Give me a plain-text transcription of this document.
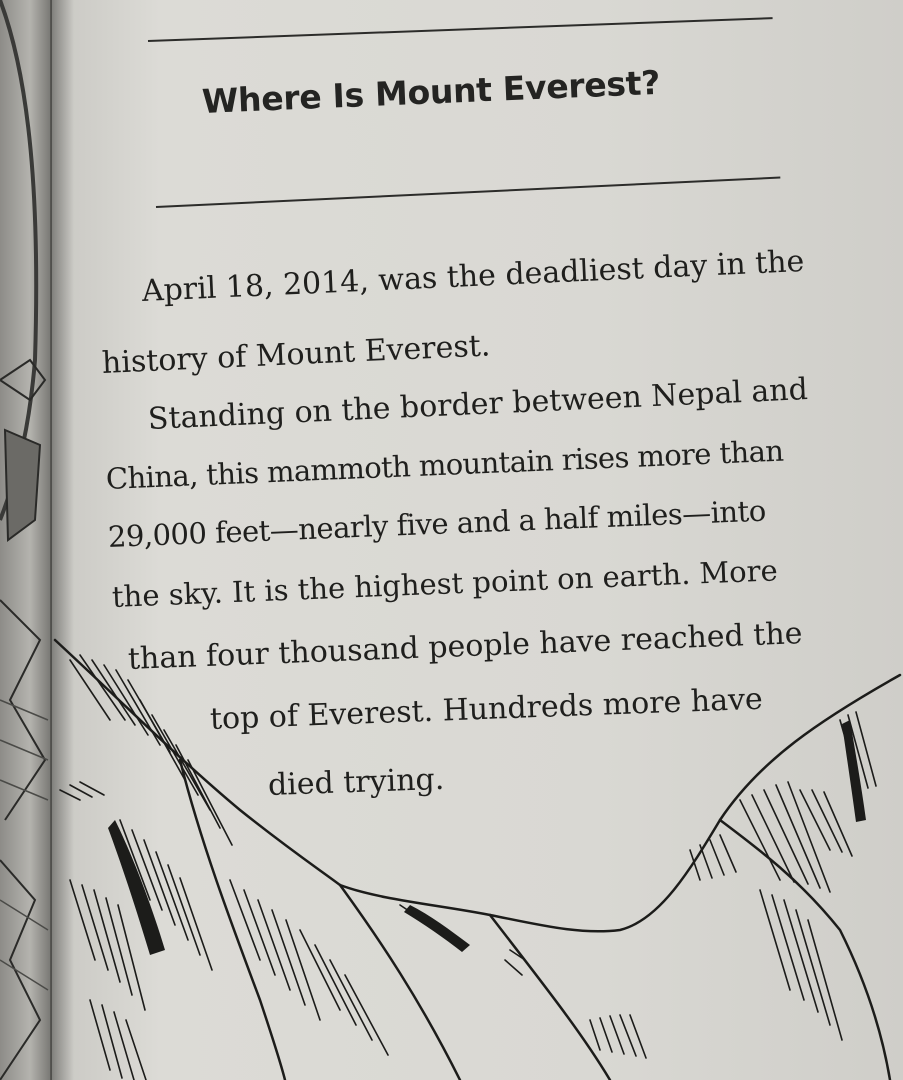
Where Is Mount Everest?

April 18, 2014, was the deadliest day in the

history of Mount Everest.

Standing on the border between Nepal and

China, this mammoth mountain rises more than

29,000 feet—nearly five and a half miles—into

the sky. It is the highest point on earth. More

than four thousand people have reached the

top of Everest. Hundreds more have

died trying.
